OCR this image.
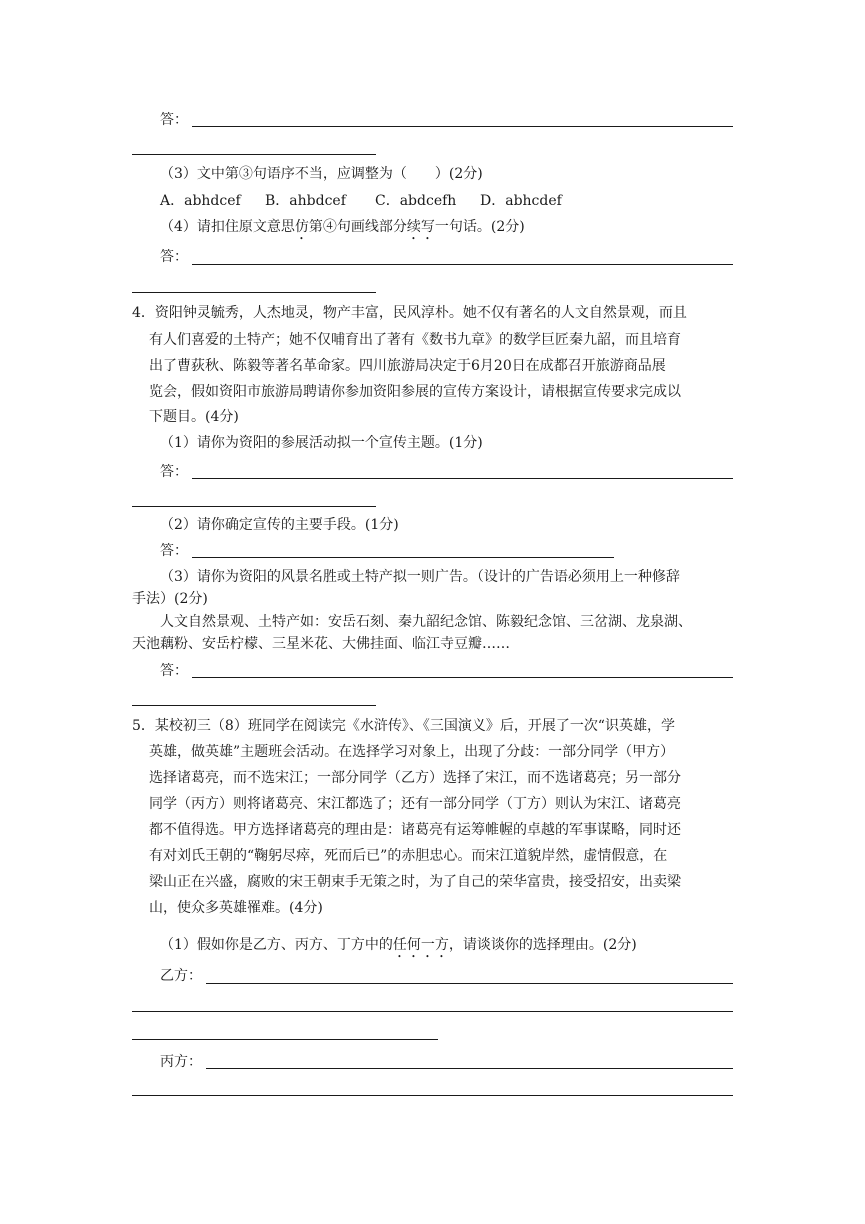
答：
（3）文中第③句语序不当，应调整为（　　）(2分)
A．abhdcef B．ahbdcef C．abdcefh D．abhcdef
（4）请扣住原文意思仿第④句画线部分续写一句话。(2分)
答：
4．资阳钟灵毓秀，人杰地灵，物产丰富，民风淳朴。她不仅有著名的人文自然景观，而且
有人们喜爱的土特产；她不仅哺育出了著有《数书九章》的数学巨匠秦九韶，而且培育
出了曹荻秋、陈毅等著名革命家。四川旅游局决定于6月20日在成都召开旅游商品展
览会，假如资阳市旅游局聘请你参加资阳参展的宣传方案设计，请根据宣传要求完成以
下题目。(4分)
（1）请你为资阳的参展活动拟一个宣传主题。(1分)
答：
（2）请你确定宣传的主要手段。(1分)
答：
（3）请你为资阳的风景名胜或土特产拟一则广告。（设计的广告语必须用上一种修辞
手法）(2分)
人文自然景观、土特产如：安岳石刻、秦九韶纪念馆、陈毅纪念馆、三岔湖、龙泉湖、
天池藕粉、安岳柠檬、三星米花、大佛挂面、临江寺豆瓣……
答：
5．某校初三（8）班同学在阅读完《水浒传》、《三国演义》后，开展了一次“识英雄，学
英雄，做英雄”主题班会活动。在选择学习对象上，出现了分歧：一部分同学（甲方）
选择诸葛亮，而不选宋江；一部分同学（乙方）选择了宋江，而不选诸葛亮；另一部分
同学（丙方）则将诸葛亮、宋江都选了；还有一部分同学（丁方）则认为宋江、诸葛亮
都不值得选。甲方选择诸葛亮的理由是：诸葛亮有运筹帷幄的卓越的军事谋略，同时还
有对刘氏王朝的“鞠躬尽瘁，死而后已”的赤胆忠心。而宋江道貌岸然，虚情假意，在
梁山正在兴盛，腐败的宋王朝束手无策之时，为了自己的荣华富贵，接受招安，出卖梁
山，使众多英雄罹难。(4分)
（1）假如你是乙方、丙方、丁方中的任何一方，请谈谈你的选择理由。(2分)
乙方：
丙方：
